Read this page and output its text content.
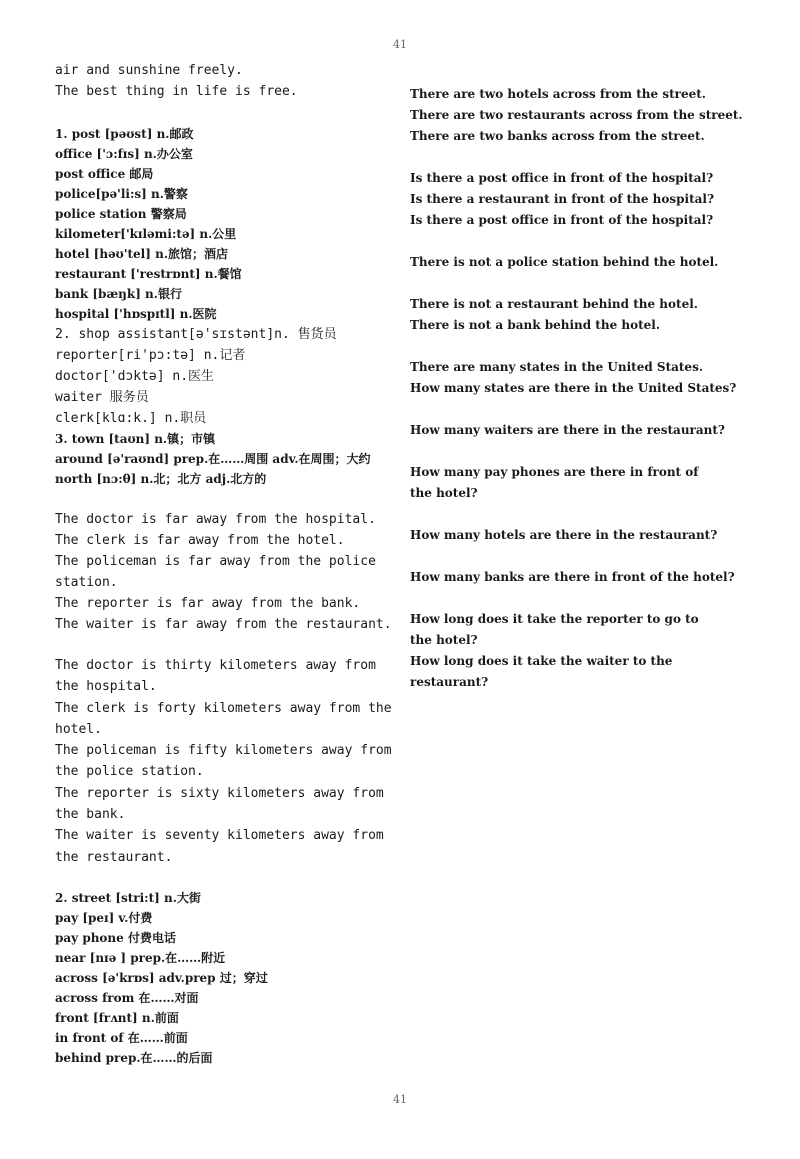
41
air and sunshine freely.
The best thing in life is free.
1. post [pəʊst] n.邮政
office ['ɔ:fɪs] n.办公室
post office 邮局
police[pə'li:s] n.警察
police station 警察局
kilometer['kɪləmi:tə] n.公里
hotel [həʊ'tel] n.旅馆；酒店
restaurant ['restrɒnt] n.餐馆
bank [bæŋk] n.银行
hospital ['hɒspɪtl] n.医院
2. shop assistant[ə'sɪstənt]n. 售货员
reporter[ri'pɔ:tə] n.记者
doctor['dɔktə] n.医生
waiter 服务员
clerk[klɑ:k.] n.职员
3. town [taʊn] n.镇；市镇
around [ə'raʊnd] prep.在……周围 adv.在周围；大约
north [nɔ:θ] n.北；北方 adj.北方的
The doctor is far away from the hospital.
The clerk is far away from the hotel.
The policeman is far away from the police station.
The reporter is far away from the bank.
The waiter is far away from the restaurant.
The doctor is thirty kilometers away from the hospital.
The clerk is forty kilometers away from the hotel.
The policeman is fifty kilometers away from the police station.
The reporter is sixty kilometers away from the bank.
The waiter is seventy kilometers away from the restaurant.
2. street [stri:t] n.大街
pay [peɪ] v.付费
pay phone 付费电话
near [nɪə ] prep.在……附近
across [ə'krɒs] adv.prep 过；穿过
across from 在……对面
front [frʌnt] n.前面
in front of 在……前面
behind prep.在……的后面
There are two hotels across from the street.
There are two restaurants across from the street.
There are two banks across from the street.
Is there a post office in front of the hospital?
Is there a restaurant in front of the hospital?
Is there a post office in front of the hospital?
There is not a police station behind the hotel.
There is not a restaurant behind the hotel.
There is not a bank behind the hotel.
There are many states in the United States.
How many states are there in the United States?
How many waiters are there in the restaurant?
How many pay phones are there in front of the hotel?
How many hotels are there in the restaurant?
How many banks are there in front of the hotel?
How long does it take the reporter to go to the hotel?
How long does it take the waiter to the restaurant?
41
